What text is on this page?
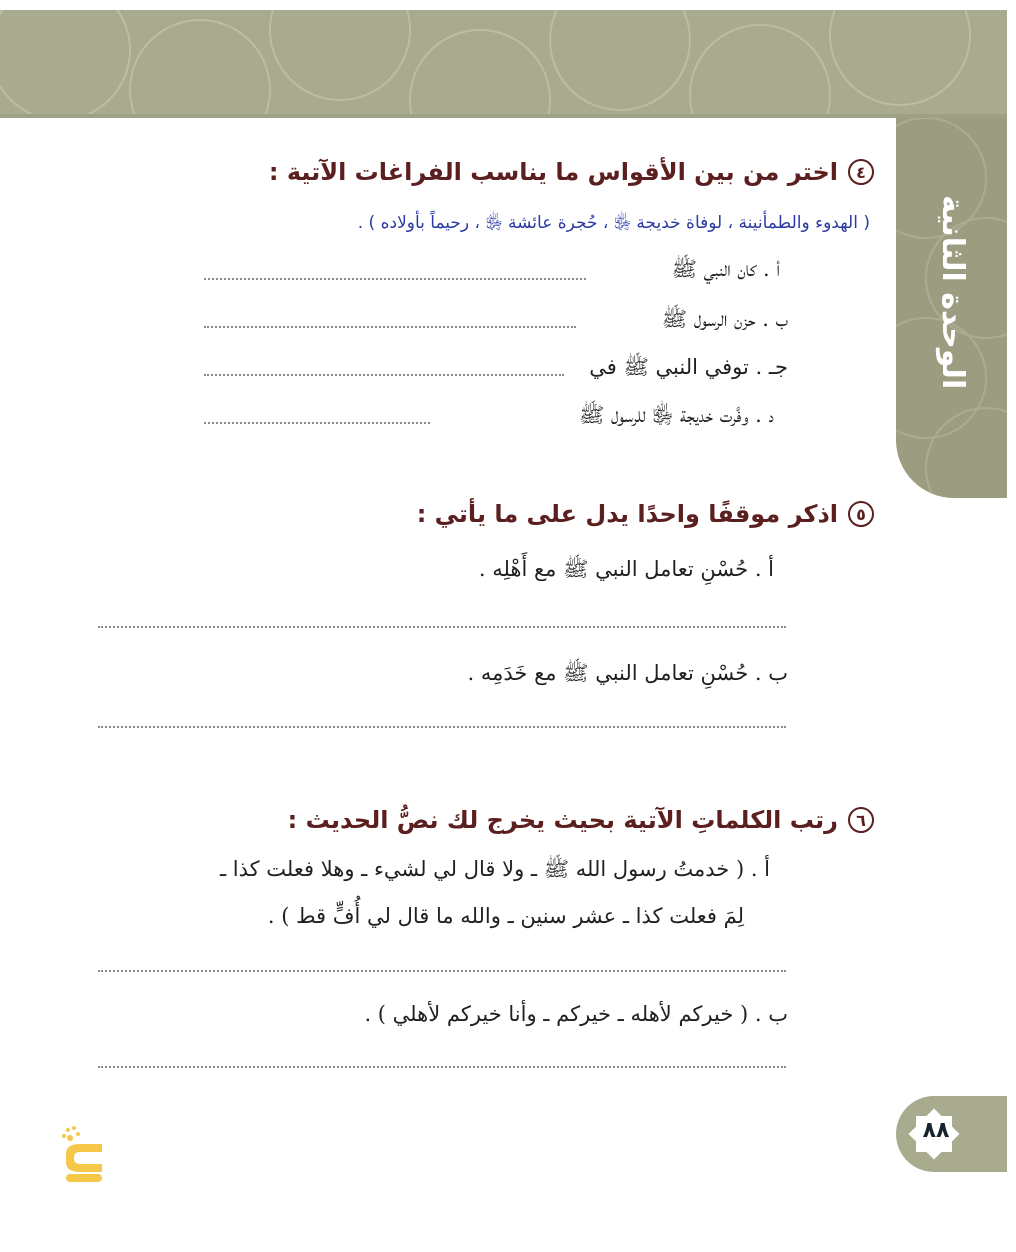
الوحدة الثانية
٤
اختر من بين الأقواس ما يناسب الفراغات الآتية :
( الهدوء والطمأنينة ، لوفاة خديجة ﵂ ، حُجرة عائشة ﵂ ، رحيماً بأولاده ) .
أ . كان النبي ﷺ
ب . حزن الرسول ﷺ
جـ . توفي النبي ﷺ في
د . وفَّرت خديجة ﵂ للرسول ﷺ
٥
اذكر موقفًا واحدًا يدل على ما يأتي :
أ . حُسْنِ تعامل النبي ﷺ مع أَهْلِه .
ب . حُسْنِ تعامل النبي ﷺ مع خَدَمِه .
٦
رتب الكلماتِ الآتية بحيث يخرج لك نصُّ الحديث :
أ . ( خدمتُ رسول الله ﷺ ـ ولا قال لي لشيء ـ وهلا فعلت كذا ـ
لِمَ فعلت كذا ـ عشر سنين ـ والله ما قال لي أُفٍّ قط ) .
ب . ( خيركم لأهله ـ خيركم ـ وأنا خيركم لأهلي ) .
٨٨
